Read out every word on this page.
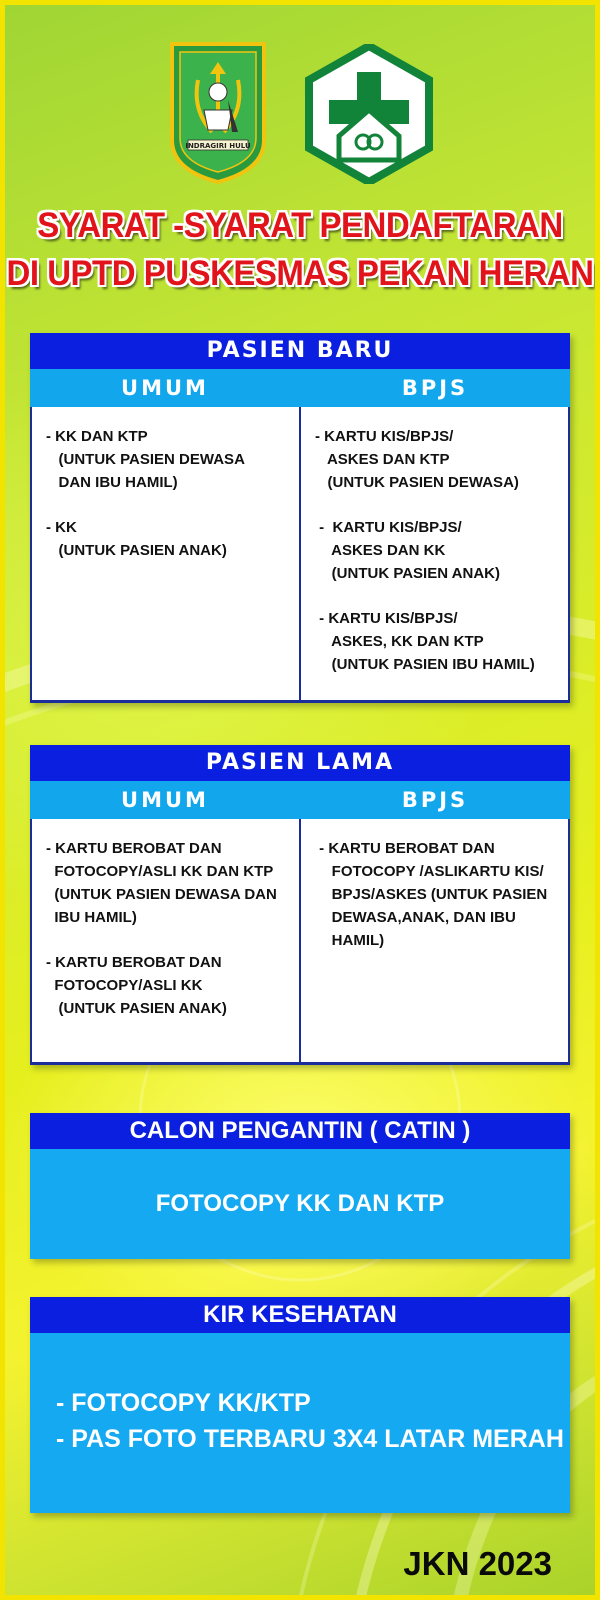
INDRAGIRI HULU
SYARAT -SYARAT PENDAFTARAN
DI UPTD PUSKESMAS PEKAN HERAN
PASIEN BARU
UMUM	BPJS

- KK DAN KTP
(UNTUK PASIEN DEWASA
DAN IBU HAMIL)

- KK
(UNTUK PASIEN ANAK)

- KARTU KIS/BPJS/
ASKES DAN KTP
(UNTUK PASIEN DEWASA)

-  KARTU KIS/BPJS/
ASKES DAN KK
(UNTUK PASIEN ANAK)

- KARTU KIS/BPJS/
ASKES, KK DAN KTP
(UNTUK PASIEN IBU HAMIL)

PASIEN LAMA
UMUM	BPJS

- KARTU BEROBAT DAN
FOTOCOPY/ASLI KK DAN KTP
(UNTUK PASIEN DEWASA DAN
IBU HAMIL)

- KARTU BEROBAT DAN
FOTOCOPY/ASLI KK
(UNTUK PASIEN ANAK)

- KARTU BEROBAT DAN
FOTOCOPY /ASLIKARTU KIS/
BPJS/ASKES (UNTUK PASIEN
DEWASA,ANAK, DAN IBU
HAMIL)

CALON PENGANTIN ( CATIN )
FOTOCOPY KK DAN KTP
KIR KESEHATAN
- FOTOCOPY KK/KTP
- PAS FOTO TERBARU 3X4 LATAR MERAH

JKN 2023
